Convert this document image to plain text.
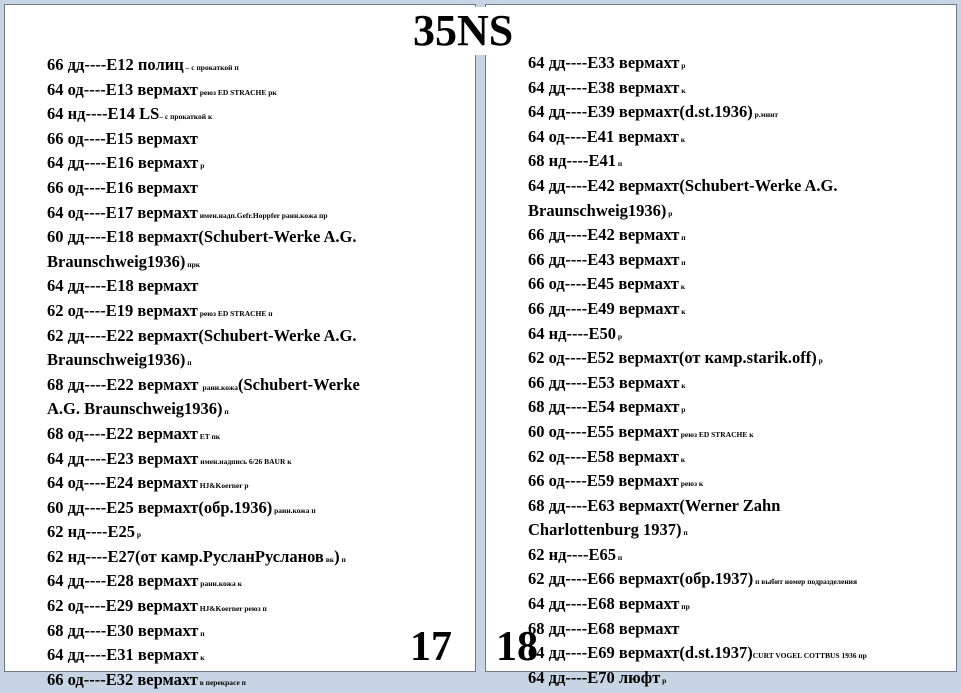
66 дд----E12 полиц – с прокаткой п
64 од----E13 вермахт реюз ED STRACHE рк
64 нд----E14 LS– с прокаткой к
66 од----E15 вермахт
64 дд----E16 вермахт р
66 од----E16 вермахт
64 од----E17 вермахт имен.надп.Gefr.Hoppfer ранн.кожа пр
60 дд----E18 вермахт(Schubert-Werke A.G.
Braunschweig1936) прк
64 дд----E18 вермахт
62 од----E19 вермахт реюз ED STRACHE п
62 дд----E22 вермахт(Schubert-Werke A.G.
Braunschweig1936) п
68 дд----E22 вермахт ранн.кожа(Schubert-Werke
A.G. Braunschweig1936) п
68 од----E22 вермахт ET пк
64 дд----E23 вермахт имен.надпись 6/26 BAUR к
64 од----E24 вермахт HJ&Koerner р
60 дд----E25 вермахт(обр.1936) ранн.кожа п
62 нд----E25 р
62 нд----E27(от камр.РусланРусланов вк) п
64 дд----E28 вермахт ранн.кожа к
62 од----E29 вермахт HJ&Koerner реюз п
68 дд----E30 вермахт п
64 дд----E31 вермахт к
66 од----E32 вермахт в перекрасе п
64 дд----E33 вермахт р
64 дд----E38 вермахт к
64 дд----E39 вермахт(d.st.1936) р.минт
64 од----E41 вермахт к
68 нд----E41 п
64 дд----E42 вермахт(Schubert-Werke A.G.
Braunschweig1936) р
66 дд----E42 вермахт п
66 дд----E43 вермахт п
66 од----E45 вермахт к
66 дд----E49 вермахт к
64 нд----E50 р
62 од----E52 вермахт(от камр.starik.off) р
66 дд----E53 вермахт к
68 дд----E54 вермахт р
60 од----E55 вермахт реюз ED STRACHE к
62 од----E58 вермахт к
66 од----E59 вермахт реюз к
68 дд----E63 вермахт(Werner Zahn
Charlottenburg 1937) п
62 нд----E65 п
62 дд----E66 вермахт(обр.1937) п выбит номер подразделения
64 дд----E68 вермахт пр
68 дд----E68 вермахт
64 дд----E69 вермахт(d.st.1937)CURT VOGEL COTTBUS 1936 пр
64 дд----E70 люфт р
35NS
17 18
